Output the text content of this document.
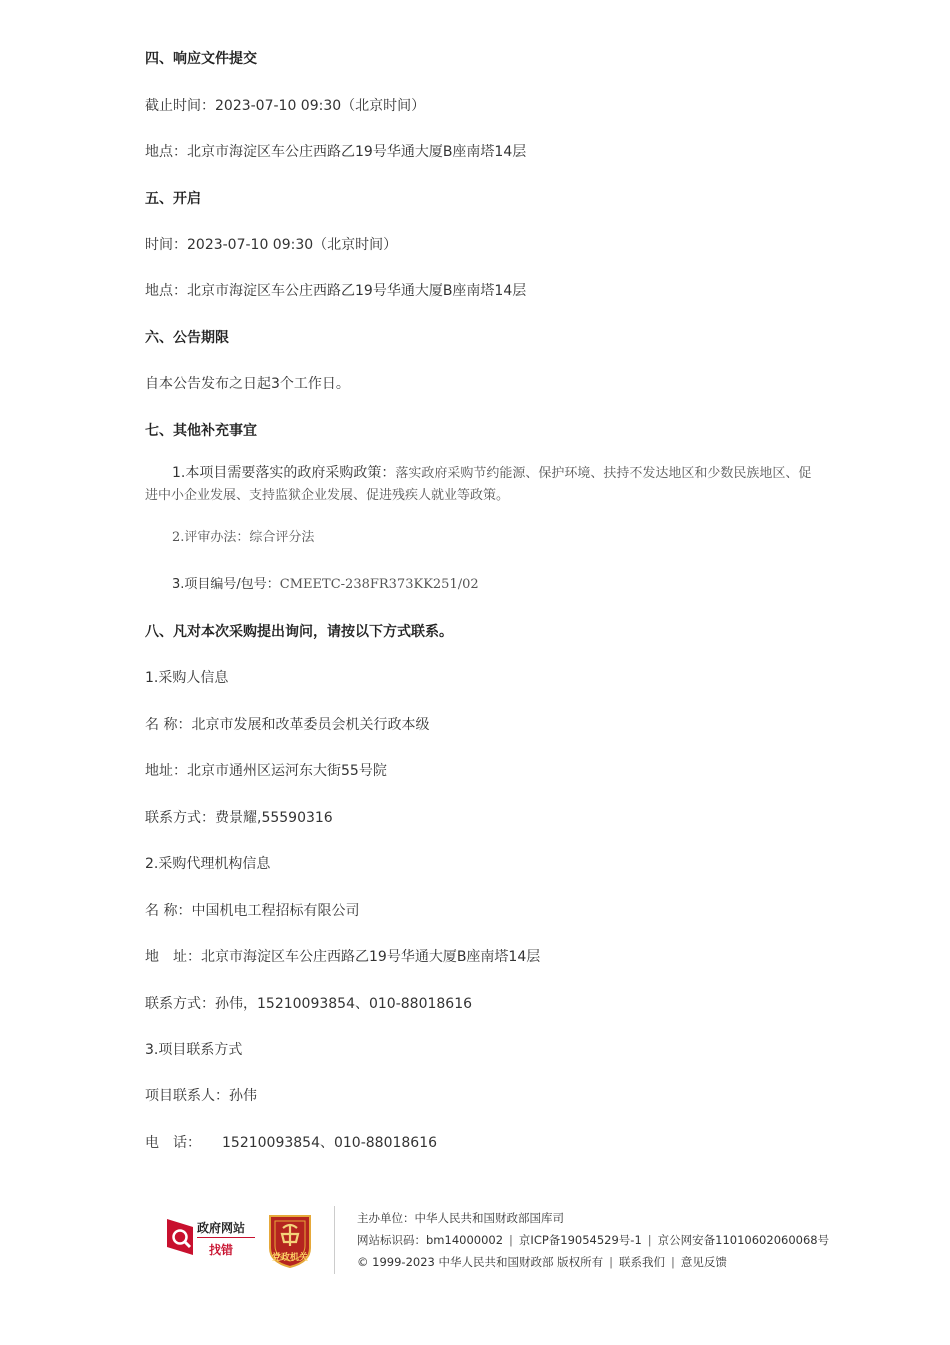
四、响应文件提交
截止时间：2023-07-10 09:30（北京时间）
地点：北京市海淀区车公庄西路乙19号华通大厦B座南塔14层
五、开启
时间：2023-07-10 09:30（北京时间）
地点：北京市海淀区车公庄西路乙19号华通大厦B座南塔14层
六、公告期限
自本公告发布之日起3个工作日。
七、其他补充事宜
1.本项目需要落实的政府采购政策：落实政府采购节约能源、保护环境、扶持不发达地区和少数民族地区、促进中小企业发展、支持监狱企业发展、促进残疾人就业等政策。
2.评审办法：综合评分法
3.项目编号/包号：CMEETC-238FR373KK251/02
八、凡对本次采购提出询问，请按以下方式联系。
1.采购人信息
名 称：北京市发展和改革委员会机关行政本级
地址：北京市通州区运河东大街55号院
联系方式：费景耀,55590316
2.采购代理机构信息
名 称：中国机电工程招标有限公司
地　址：北京市海淀区车公庄西路乙19号华通大厦B座南塔14层
联系方式：孙伟，15210093854、010-88018616
3.项目联系方式
项目联系人：孙伟
电　话：　　15210093854、010-88018616
政府网站
找错
党政机关
主办单位：中华人民共和国财政部国库司
网站标识码：bm14000002 | 京ICP备19054529号-1 | 京公网安备11010602060068号
© 1999-2023 中华人民共和国财政部 版权所有 | 联系我们 | 意见反馈
